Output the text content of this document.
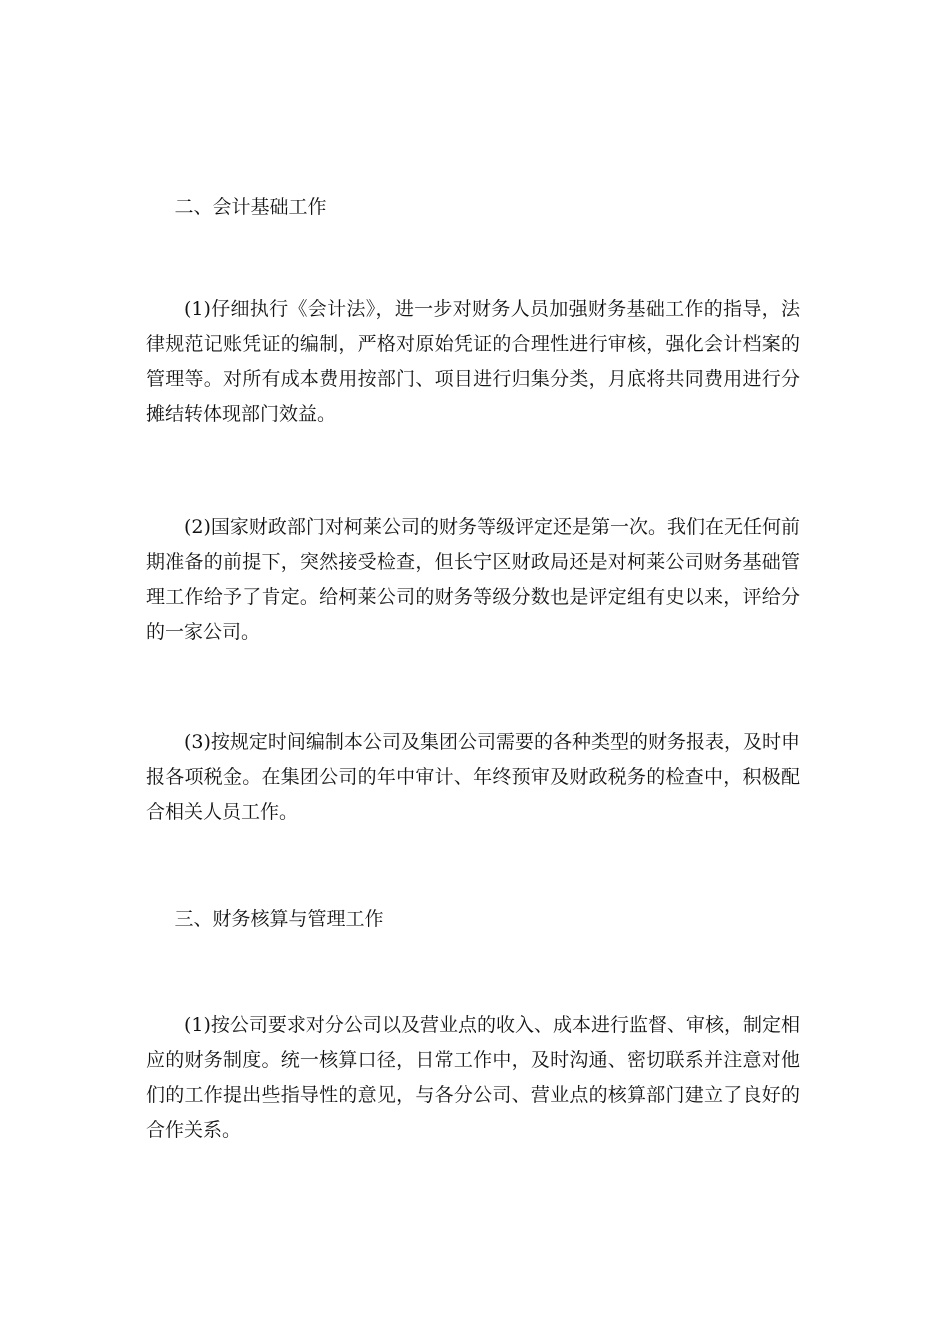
二、会计基础工作

(1)仔细执行《会计法》，进一步对财务人员加强财务基础工作的指导，法律规范记账凭证的编制，严格对原始凭证的合理性进行审核，强化会计档案的管理等。对所有成本费用按部门、项目进行归集分类，月底将共同费用进行分摊结转体现部门效益。

(2)国家财政部门对柯莱公司的财务等级评定还是第一次。我们在无任何前期准备的前提下，突然接受检查，但长宁区财政局还是对柯莱公司财务基础管理工作给予了肯定。给柯莱公司的财务等级分数也是评定组有史以来，评给分的一家公司。

(3)按规定时间编制本公司及集团公司需要的各种类型的财务报表，及时申报各项税金。在集团公司的年中审计、年终预审及财政税务的检查中，积极配合相关人员工作。

三、财务核算与管理工作

(1)按公司要求对分公司以及营业点的收入、成本进行监督、审核，制定相应的财务制度。统一核算口径，日常工作中，及时沟通、密切联系并注意对他们的工作提出些指导性的意见，与各分公司、营业点的核算部门建立了良好的合作关系。
